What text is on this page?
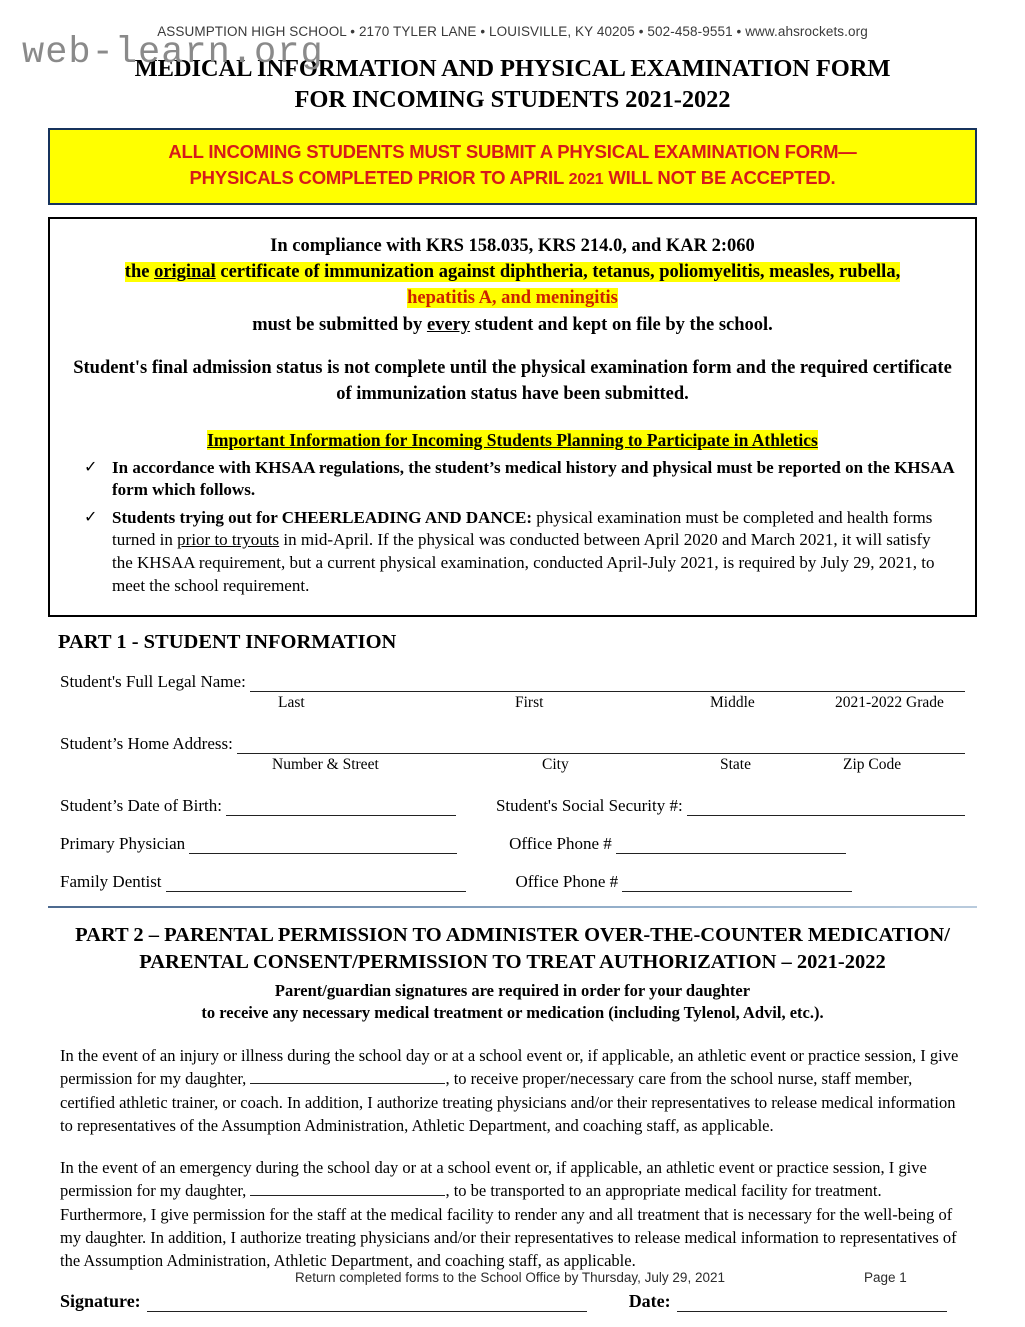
web-learn.org
ASSUMPTION HIGH SCHOOL • 2170 TYLER LANE • LOUISVILLE, KY 40205 • 502-458-9551 • www.ahsrockets.org
MEDICAL INFORMATION AND PHYSICAL EXAMINATION FORM
FOR INCOMING STUDENTS 2021-2022
ALL INCOMING STUDENTS MUST SUBMIT A PHYSICAL EXAMINATION FORM—
PHYSICALS COMPLETED PRIOR TO APRIL 2021 WILL NOT BE ACCEPTED.
In compliance with KRS 158.035, KRS 214.0, and KAR 2:060
the original certificate of immunization against diphtheria, tetanus, poliomyelitis, measles, rubella,
hepatitis A, and meningitis
must be submitted by every student and kept on file by the school.
Student's final admission status is not complete until the physical examination form and the required certificate of immunization status have been submitted.
Important Information for Incoming Students Planning to Participate in Athletics
✓ In accordance with KHSAA regulations, the student’s medical history and physical must be reported on the KHSAA form which follows.
✓ Students trying out for CHEERLEADING AND DANCE: physical examination must be completed and health forms turned in prior to tryouts in mid-April. If the physical was conducted between April 2020 and March 2021, it will satisfy the KHSAA requirement, but a current physical examination, conducted April-July 2021, is required by July 29, 2021, to meet the school requirement.
PART 1 - STUDENT INFORMATION
Student's Full Legal Name:
Last	First	Middle	2021-2022 Grade
Student’s Home Address:
Number & Street	City	State	Zip Code
Student’s Date of Birth:	Student's Social Security #:
Primary Physician	Office Phone #
Family Dentist	Office Phone #
PART 2 – PARENTAL PERMISSION TO ADMINISTER OVER-THE-COUNTER MEDICATION/
PARENTAL CONSENT/PERMISSION TO TREAT AUTHORIZATION – 2021-2022
Parent/guardian signatures are required in order for your daughter
to receive any necessary medical treatment or medication (including Tylenol, Advil, etc.).

In the event of an injury or illness during the school day or at a school event or, if applicable, an athletic event or practice session, I give permission for my daughter,	, to receive proper/necessary care from the school nurse, staff member, certified athletic trainer, or coach. In addition, I authorize treating physicians and/or their representatives to release medical information to representatives of the Assumption Administration, Athletic Department, and coaching staff, as applicable.

In the event of an emergency during the school day or at a school event or, if applicable, an athletic event or practice session, I give permission for my daughter,	, to be transported to an appropriate medical facility for treatment. Furthermore, I give permission for the staff at the medical facility to render any and all treatment that is necessary for the well-being of my daughter. In addition, I authorize treating physicians and/or their representatives to release medical information to representatives of the Assumption Administration, Athletic Department, and coaching staff, as applicable.

Signature:	Date:
Return completed forms to the School Office by Thursday, July 29, 2021	Page 1
